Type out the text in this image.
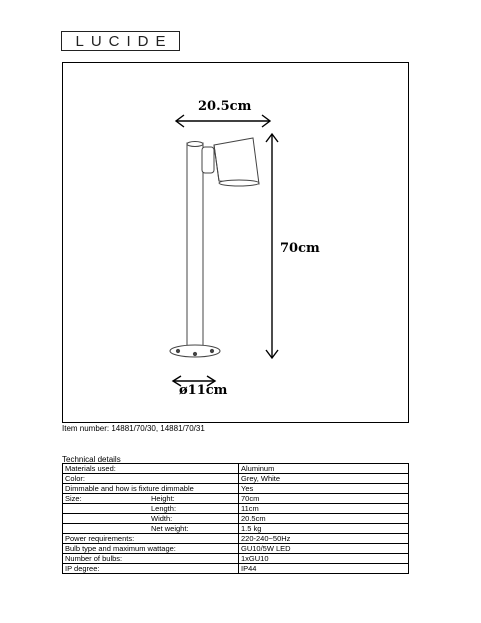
LUCIDE
20.5cm
70cm
ø11cm
Item number: 14881/70/30, 14881/70/31
Technical details
Materials used:	Aluminum
Color:	Grey, White
Dimmable and how is fixture dimmable	Yes
Size: Height:	70cm
Length:	11cm
Width:	20.5cm
Net weight:	1.5 kg
Power requirements:	220-240~50Hz
Bulb type and maximum wattage:	GU10/5W LED
Number of bulbs:	1xGU10
IP degree:	IP44
